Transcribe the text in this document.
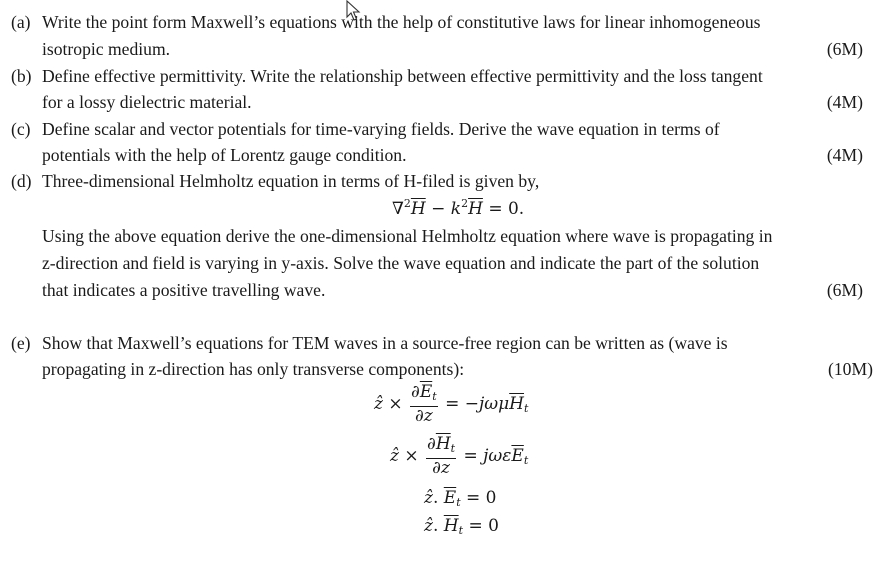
(a) Write the point form Maxwell’s equations with the help of constitutive laws for linear inhomogeneous
isotropic medium.	(6M)
(b) Define effective permittivity. Write the relationship between effective permittivity and the loss tangent
for a lossy dielectric material.	(4M)
(c) Define scalar and vector potentials for time-varying fields. Derive the wave equation in terms of
potentials with the help of Lorentz gauge condition.	(4M)
(d) Three-dimensional Helmholtz equation in terms of H-filed is given by,
$\nabla^2\overline{H} - k^2\overline{H} = 0$.
Using the above equation derive the one-dimensional Helmholtz equation where wave is propagating in
z-direction and field is varying in y-axis. Solve the wave equation and indicate the part of the solution
that indicates a positive travelling wave.	(6M)
(e) Show that Maxwell’s equations for TEM waves in a source-free region can be written as (wave is
propagating in z-direction has only transverse components):	(10M)
ẑ × $\frac{\partial\overline{E}_t}{\partial z} = -j\omega\mu\overline{H}_t$
ẑ × $\frac{\partial\overline{H}_t}{\partial z} = j\omega\varepsilon\overline{E}_t$
ẑ. $\overline{E}_t = 0$
ẑ. $\overline{H}_t = 0$
